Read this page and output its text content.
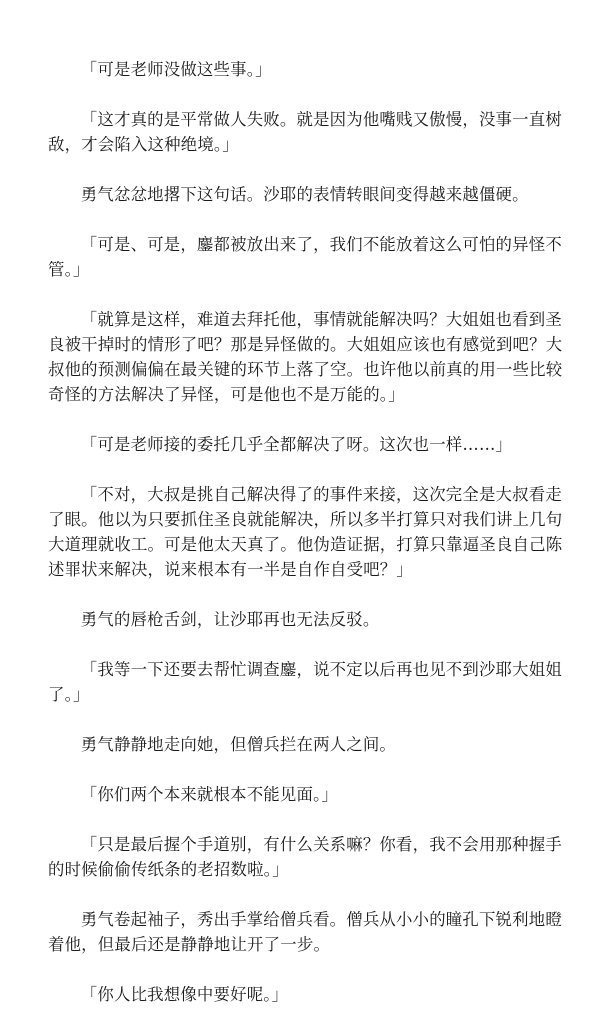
「可是老师没做这些事。」

「这才真的是平常做人失败。就是因为他嘴贱又傲慢，没事一直树敌，才会陷入这种绝境。」

勇气忿忿地撂下这句话。沙耶的表情转眼间变得越来越僵硬。

「可是、可是，鏖都被放出来了，我们不能放着这么可怕的异怪不管。」

「就算是这样，难道去拜托他，事情就能解决吗？大姐姐也看到圣良被干掉时的情形了吧？那是异怪做的。大姐姐应该也有感觉到吧？大叔他的预测偏偏在最关键的环节上落了空。也许他以前真的用一些比较奇怪的方法解决了异怪，可是他也不是万能的。」

「可是老师接的委托几乎全都解决了呀。这次也一样……」

「不对，大叔是挑自己解决得了的事件来接，这次完全是大叔看走了眼。他以为只要抓住圣良就能解决，所以多半打算只对我们讲上几句大道理就收工。可是他太天真了。他伪造证据，打算只靠逼圣良自己陈述罪状来解决，说来根本有一半是自作自受吧？」

勇气的唇枪舌剑，让沙耶再也无法反驳。

「我等一下还要去帮忙调查鏖，说不定以后再也见不到沙耶大姐姐了。」

勇气静静地走向她，但僧兵拦在两人之间。

「你们两个本来就根本不能见面。」

「只是最后握个手道别，有什么关系嘛？你看，我不会用那种握手的时候偷偷传纸条的老招数啦。」

勇气卷起袖子，秀出手掌给僧兵看。僧兵从小小的瞳孔下锐利地瞪着他，但最后还是静静地让开了一步。

「你人比我想像中要好呢。」
